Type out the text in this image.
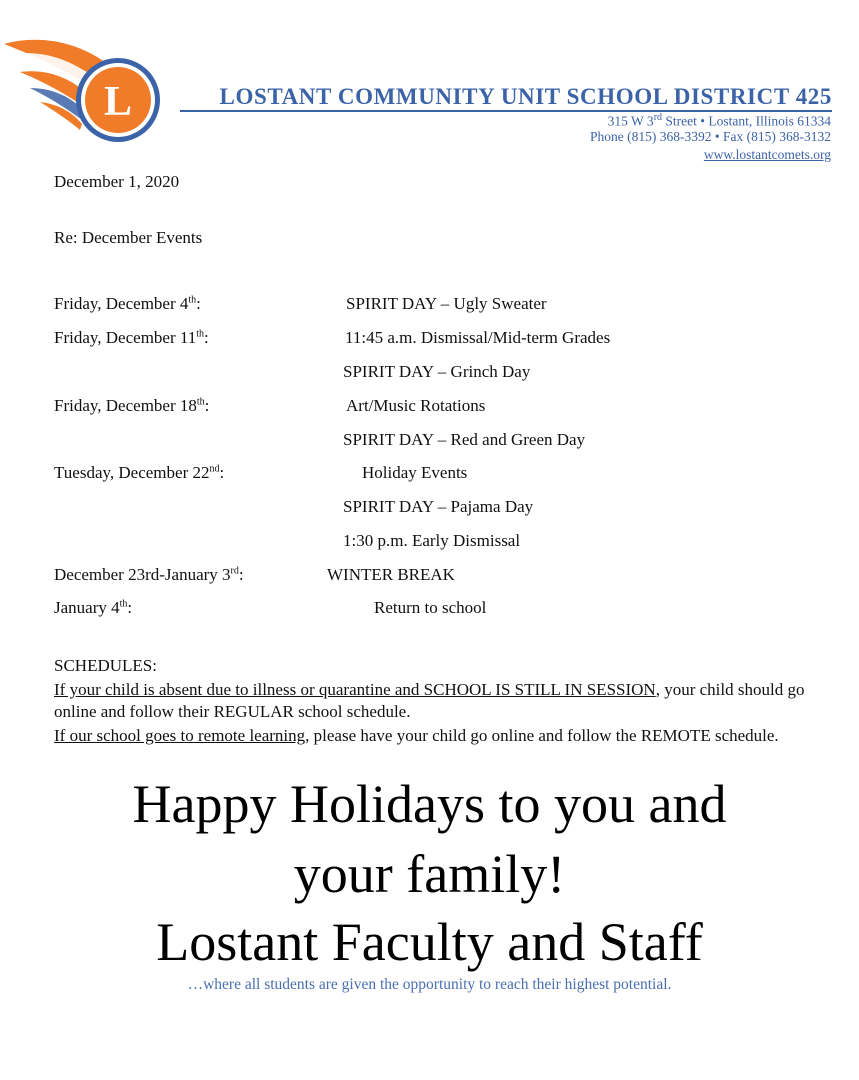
L	LOSTANT COMMUNITY UNIT SCHOOL DISTRICT 425
315 W 3rd Street • Lostant, Illinois 61334
Phone (815) 368-3392 • Fax (815) 368-3132
www.lostantcomets.org
December 1, 2020
Re: December Events
Friday, December 4th:	SPIRIT DAY – Ugly Sweater
Friday, December 11th:	11:45 a.m. Dismissal/Mid-term Grades
SPIRIT DAY – Grinch Day
Friday, December 18th:	Art/Music Rotations
SPIRIT DAY – Red and Green Day
Tuesday, December 22nd:	Holiday Events
SPIRIT DAY – Pajama Day
1:30 p.m. Early Dismissal
December 23rd-January 3rd:	WINTER BREAK
January 4th:	Return to school
SCHEDULES:
If your child is absent due to illness or quarantine and SCHOOL IS STILL IN SESSION, your child should go online and follow their REGULAR school schedule.
If our school goes to remote learning, please have your child go online and follow the REMOTE schedule.
Happy Holidays to you and
your family!
Lostant Faculty and Staff
…where all students are given the opportunity to reach their highest potential.
